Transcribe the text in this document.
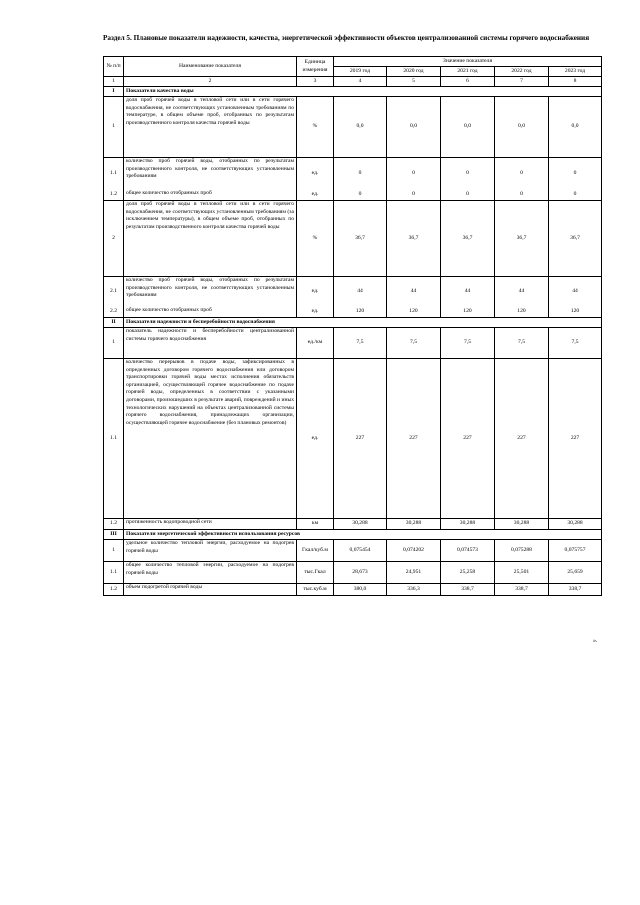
Раздел 5. Плановые показатели надежности, качества, энергетической эффективности объектов централизованной системы горячего водоснабжения
№ п/п	Наименование показателя	Единица измерения	Значение показателя				
			2019 год	2020 год	2021 год	2022 год	2023 год
1	2	3	4	5	6	7	8
I	Показатели качества воды						
1	доля проб горячей воды в тепловой сети или в сети горячего водоснабжения, не соответствующих установленным требованиям по температуре, в общем объеме проб, отобранных по результатам производственного контроля качества горячей воды	%	0,0	0,0	0,0	0,0	0,0
1.1	количество проб горячей воды, отобранных по результатам производственного контроля, не соответствующих установленным требованиям	ед.	0	0	0	0	0
1.2	общее количество отобранных проб	ед.	0	0	0	0	0
2	доля проб горячей воды в тепловой сети или в сети горячего водоснабжения, не соответствующих установленным требованиям (за исключением температуры), в общем объеме проб, отобранных по результатам производственного контроля качества горячей воды	%	36,7	36,7	36,7	36,7	36,7
2.1	количество проб горячей воды, отобранных по результатам производственного контроля, не соответствующих установленным требованиям	ед.	44	44	44	44	44
2.2	общее количество отобранных проб	ед.	120	120	120	120	120
II	Показатели надежности и бесперебойности водоснабжения						
1	показатель надежности и бесперебойности централизованной системы горячего водоснабжения	ед./км	7,5	7,5	7,5	7,5	7,5
1.1	количество перерывов в подаче воды, зафиксированных в определенных договором горячего водоснабжения или договором транспортировки горячей воды местах исполнения обязательств организацией, осуществляющей горячее водоснабжение по подаче горячей воды, определенных в соответствии с указанными договорами, произошедших в результате аварий, повреждений и иных технологических нарушений на объектах централизованной системы горячего водоснабжения, принадлежащих организации, осуществляющей горячее водоснабжение (без плановых ремонтов)	ед.	227	227	227	227	227
1.2	протяженность водопроводной сети	км	30,288	30,288	30,288	30,288	30,288
III	Показатели энергетической эффективности использования ресурсов						
1	удельное количество тепловой энергии, расходуемое на подогрев горячей воды	Гкал/куб.м	0,075454	0,074202	0,074573	0,075288	0,075757
1.1	общее количество тепловой энергии, расходуемое на подогрев горячей воды	тыс.Гкал	28,673	24,951	25,258	25,501	25,659
1.2	объем подогретой горячей воды	тыс.куб.м	380,0	336,3	338,7	338,7	338,7
».
